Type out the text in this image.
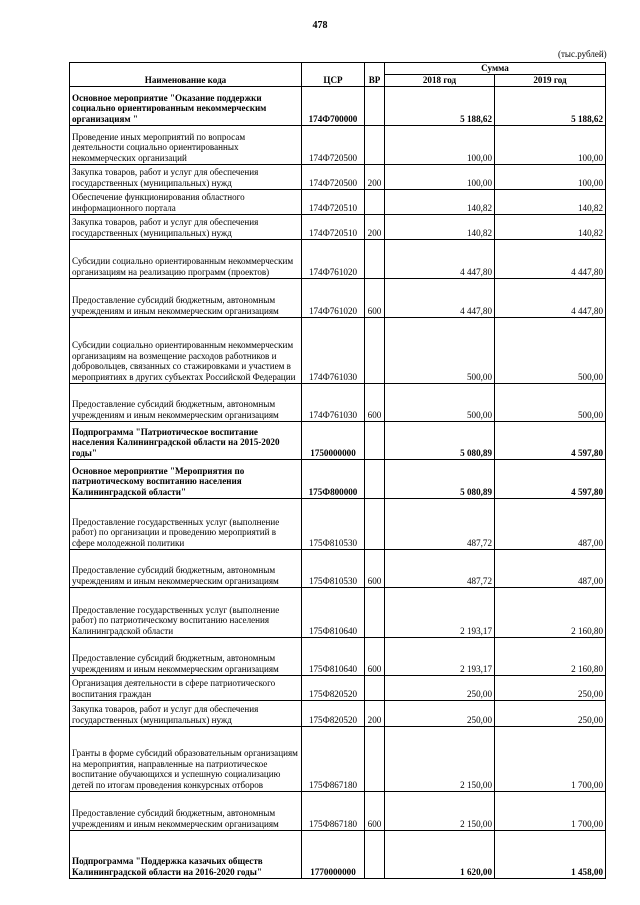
478
(тыс.рублей)
Наименование кода	ЦСР	ВР	Сумма	
			2018 год	2019 год
Основное мероприятие "Оказание поддержки социально ориентированным некоммерческим организациям "	174Ф700000		5 188,62	5 188,62
Проведение иных мероприятий по вопросам деятельности социально ориентированных некоммерческих организаций	174Ф720500		100,00	100,00
Закупка товаров, работ и услуг для обеспечения государственных (муниципальных) нужд	174Ф720500	200	100,00	100,00
Обеспечение функционирования областного информационного портала	174Ф720510		140,82	140,82
Закупка товаров, работ и услуг для обеспечения государственных (муниципальных) нужд	174Ф720510	200	140,82	140,82
Субсидии социально ориентированным некоммерческим организациям на реализацию программ (проектов)	174Ф761020		4 447,80	4 447,80
Предоставление субсидий бюджетным, автономным учреждениям и иным некоммерческим организациям	174Ф761020	600	4 447,80	4 447,80
Субсидии социально ориентированным некоммерческим организациям на возмещение расходов работников и добровольцев, связанных со стажировками и участием в мероприятиях в других субъектах Российской Федерации	174Ф761030		500,00	500,00
Предоставление субсидий бюджетным, автономным учреждениям и иным некоммерческим организациям	174Ф761030	600	500,00	500,00
Подпрограмма "Патриотическое воспитание населения Калининградской области на 2015-2020 годы"	1750000000		5 080,89	4 597,80
Основное мероприятие "Мероприятия по патриотическому воспитанию населения Калининградской области"	175Ф800000		5 080,89	4 597,80
Предоставление государственных услуг (выполнение работ) по организации и проведению мероприятий в сфере молодежной политики	175Ф810530		487,72	487,00
Предоставление субсидий бюджетным, автономным учреждениям и иным некоммерческим организациям	175Ф810530	600	487,72	487,00
Предоставление государственных услуг (выполнение работ) по патриотическому воспитанию населения Калининградской области	175Ф810640		2 193,17	2 160,80
Предоставление субсидий бюджетным, автономным учреждениям и иным некоммерческим организациям	175Ф810640	600	2 193,17	2 160,80
Организация деятельности в сфере патриотического воспитания граждан	175Ф820520		250,00	250,00
Закупка товаров, работ и услуг для обеспечения государственных (муниципальных) нужд	175Ф820520	200	250,00	250,00
Гранты в форме субсидий образовательным организациям на мероприятия, направленные на патриотическое воспитание обучающихся и успешную социализацию детей по итогам проведения конкурсных отборов	175Ф867180		2 150,00	1 700,00
Предоставление субсидий бюджетным, автономным учреждениям и иным некоммерческим организациям	175Ф867180	600	2 150,00	1 700,00
Подпрограмма "Поддержка казачьих обществ Калининградской области на 2016-2020 годы"	1770000000		1 620,00	1 458,00
